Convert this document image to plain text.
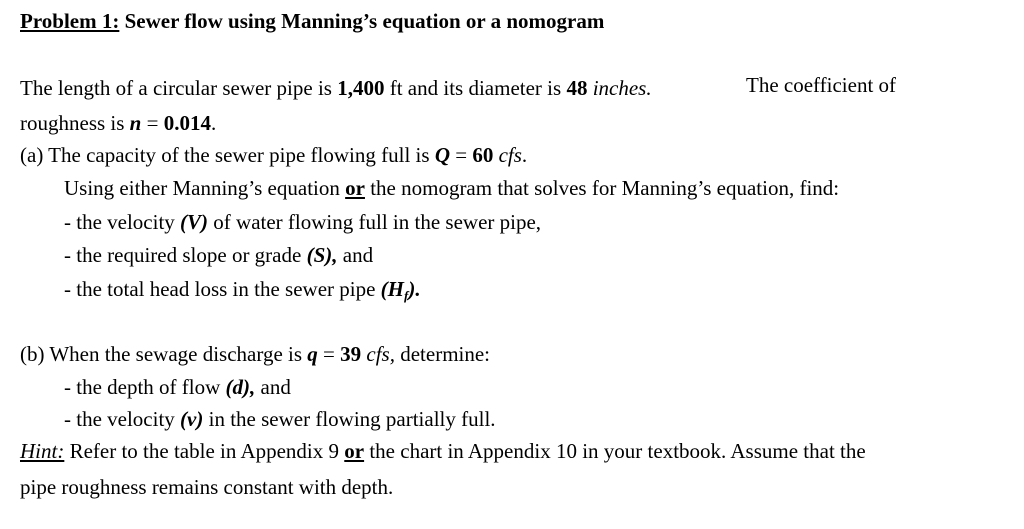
Problem 1: Sewer flow using Manning’s equation or a nomogram
The length of a circular sewer pipe is 1,400 ft and its diameter is 48 inches.	The coefficient of
roughness is n = 0.014.
(a) The capacity of the sewer pipe flowing full is Q = 60 cfs.
Using either Manning’s equation or the nomogram that solves for Manning’s equation, find:
- the velocity (V) of water flowing full in the sewer pipe,
- the required slope or grade (S), and
- the total head loss in the sewer pipe $(H_f)$.
(b) When the sewage discharge is q = 39 cfs, determine:
- the depth of flow (d), and
- the velocity (v) in the sewer flowing partially full.
Hint: Refer to the table in Appendix 9 or the chart in Appendix 10 in your textbook. Assume that the
pipe roughness remains constant with depth.
